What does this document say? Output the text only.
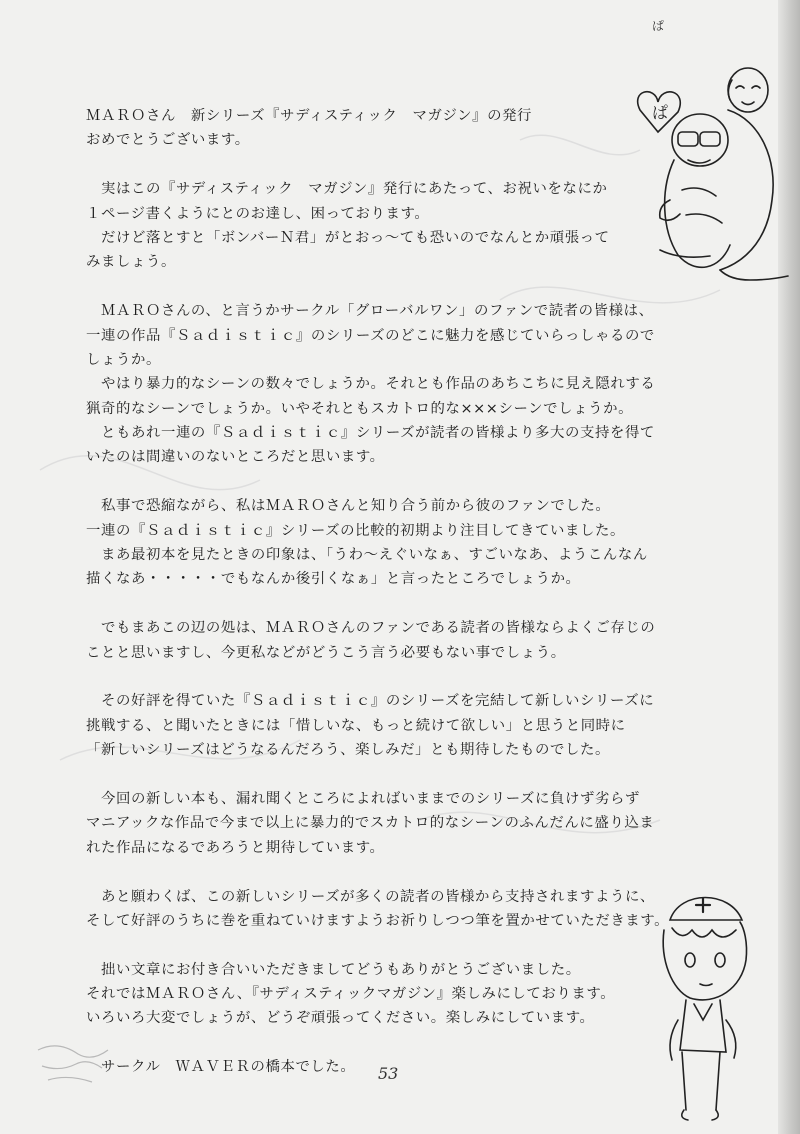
ＭＡＲＯさん　新シリーズ『サディスティック　マガジン』の発行
おめでとうございます。
　実はこの『サディスティック　マガジン』発行にあたって、お祝いをなにか
１ページ書くようにとのお達し、困っております。
　だけど落とすと「ボンバーＮ君」がとおっ～ても恐いのでなんとか頑張って
みましょう。
　ＭＡＲＯさんの、と言うかサークル「グローバルワン」のファンで読者の皆様は、
一連の作品『Ｓａｄｉｓｔｉｃ』のシリーズのどこに魅力を感じていらっしゃるので
しょうか。
　やはり暴力的なシーンの数々でしょうか。それとも作品のあちこちに見え隠れする
猟奇的なシーンでしょうか。いやそれともスカトロ的な×××シーンでしょうか。
　ともあれ一連の『Ｓａｄｉｓｔｉｃ』シリーズが読者の皆様より多大の支持を得て
いたのは間違いのないところだと思います。
　私事で恐縮ながら、私はＭＡＲＯさんと知り合う前から彼のファンでした。
一連の『Ｓａｄｉｓｔｉｃ』シリーズの比較的初期より注目してきていました。
　まあ最初本を見たときの印象は、「うわ～えぐいなぁ、すごいなあ、ようこんなん
描くなあ・・・・・でもなんか後引くなぁ」と言ったところでしょうか。
　でもまあこの辺の処は、ＭＡＲＯさんのファンである読者の皆様ならよくご存じの
ことと思いますし、今更私などがどうこう言う必要もない事でしょう。
　その好評を得ていた『Ｓａｄｉｓｔｉｃ』のシリーズを完結して新しいシリーズに
挑戦する、と聞いたときには「惜しいな、もっと続けて欲しい」と思うと同時に
「新しいシリーズはどうなるんだろう、楽しみだ」とも期待したものでした。
　今回の新しい本も、漏れ聞くところによればいままでのシリーズに負けず劣らず
マニアックな作品で今まで以上に暴力的でスカトロ的なシーンのふんだんに盛り込ま
れた作品になるであろうと期待しています。
　あと願わくば、この新しいシリーズが多くの読者の皆様から支持されますように、
そして好評のうちに巻を重ねていけますようお祈りしつつ筆を置かせていただきます。
　拙い文章にお付き合いいただきましてどうもありがとうございました。
それではＭＡＲＯさん、『サディスティックマガジン』楽しみにしております。
いろいろ大変でしょうが、どうぞ頑張ってください。楽しみにしています。
　サークル　ＷＡＶＥＲの橋本でした。
ぱ
ぱ
53
